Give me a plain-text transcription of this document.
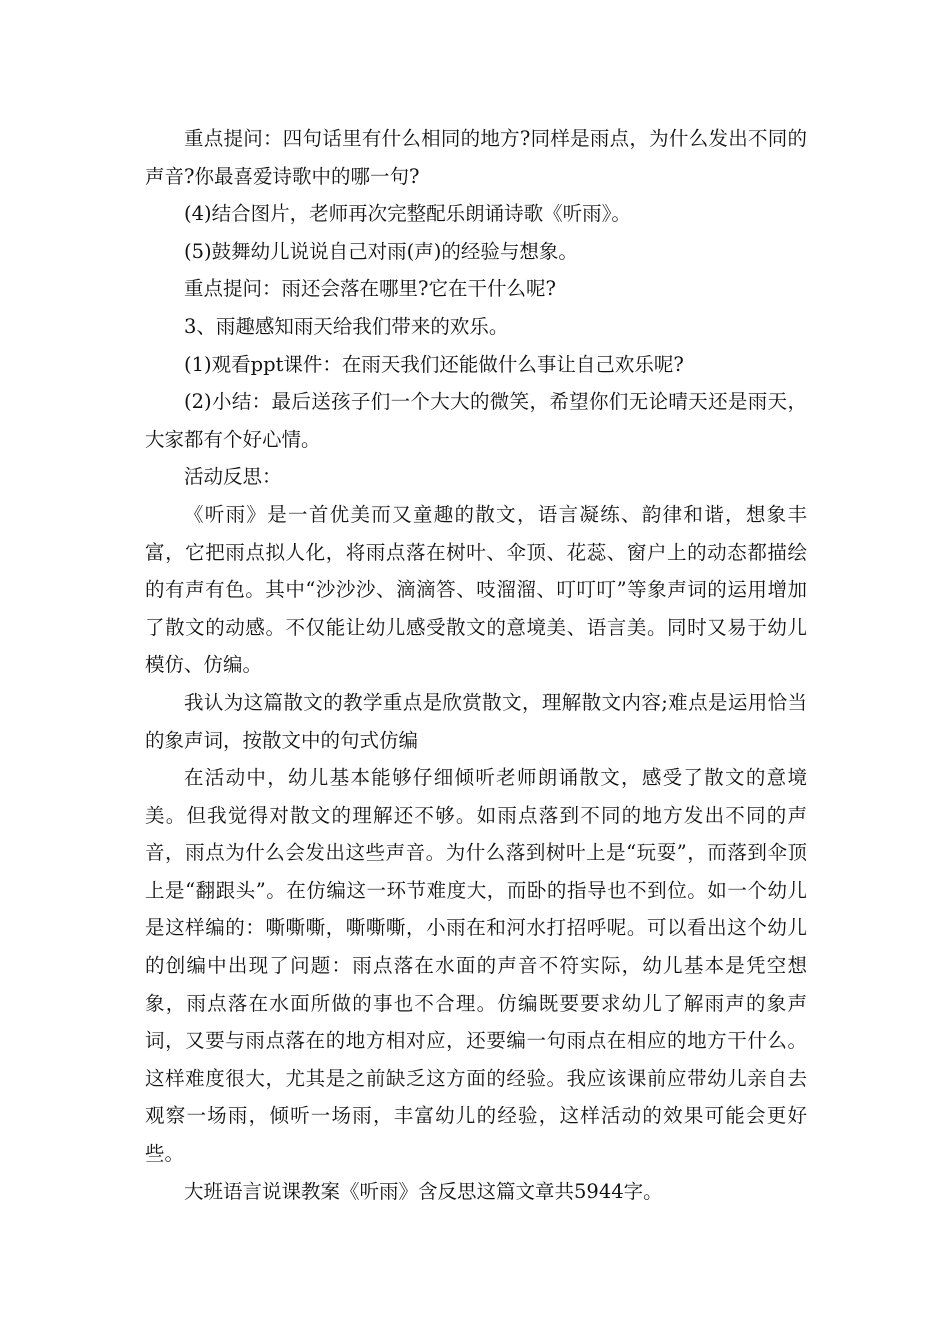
重点提问：四句话里有什么相同的地方?同样是雨点，为什么发出不同的声音?你最喜爱诗歌中的哪一句?

(4)结合图片，老师再次完整配乐朗诵诗歌《听雨》。

(5)鼓舞幼儿说说自己对雨(声)的经验与想象。

重点提问：雨还会落在哪里?它在干什么呢?

3、雨趣感知雨天给我们带来的欢乐。

(1)观看ppt课件：在雨天我们还能做什么事让自己欢乐呢?

(2)小结：最后送孩子们一个大大的微笑，希望你们无论晴天还是雨天，大家都有个好心情。

活动反思：

《听雨》是一首优美而又童趣的散文，语言凝练、韵律和谐，想象丰富，它把雨点拟人化，将雨点落在树叶、伞顶、花蕊、窗户上的动态都描绘的有声有色。其中“沙沙沙、滴滴答、吱溜溜、叮叮叮”等象声词的运用增加了散文的动感。不仅能让幼儿感受散文的意境美、语言美。同时又易于幼儿模仿、仿编。

我认为这篇散文的教学重点是欣赏散文，理解散文内容;难点是运用恰当的象声词，按散文中的句式仿编

在活动中，幼儿基本能够仔细倾听老师朗诵散文，感受了散文的意境美。但我觉得对散文的理解还不够。如雨点落到不同的地方发出不同的声音，雨点为什么会发出这些声音。为什么落到树叶上是“玩耍”，而落到伞顶上是“翻跟头”。在仿编这一环节难度大，而卧的指导也不到位。如一个幼儿是这样编的：嘶嘶嘶，嘶嘶嘶，小雨在和河水打招呼呢。可以看出这个幼儿的创编中出现了问题：雨点落在水面的声音不符实际，幼儿基本是凭空想象，雨点落在水面所做的事也不合理。仿编既要要求幼儿了解雨声的象声词，又要与雨点落在的地方相对应，还要编一句雨点在相应的地方干什么。这样难度很大，尤其是之前缺乏这方面的经验。我应该课前应带幼儿亲自去观察一场雨，倾听一场雨，丰富幼儿的经验，这样活动的效果可能会更好些。

大班语言说课教案《听雨》含反思这篇文章共5944字。
